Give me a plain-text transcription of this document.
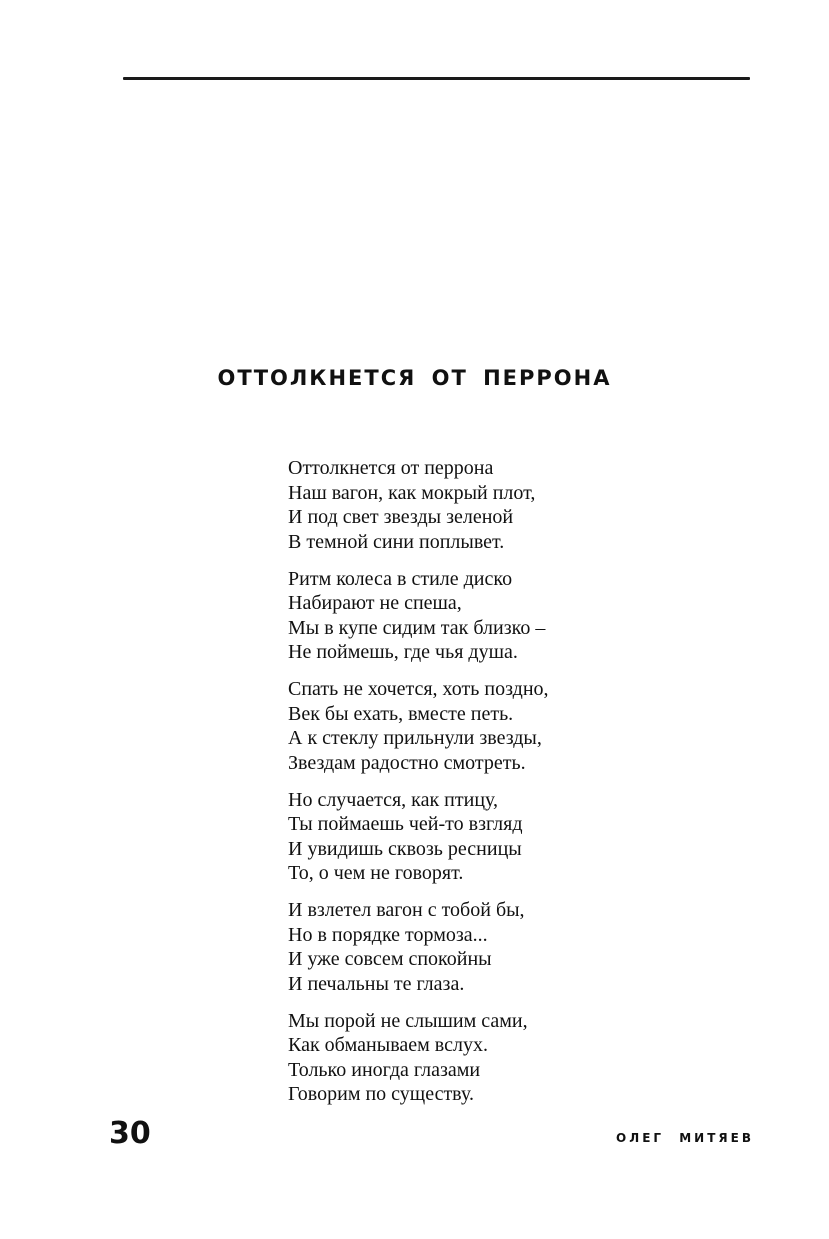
ОТТОЛКНЕТСЯ ОТ ПЕРРОНА
Оттолкнется от перрона
Наш вагон, как мокрый плот,
И под свет звезды зеленой
В темной сини поплывет.
Ритм колеса в стиле диско
Набирают не спеша,
Мы в купе сидим так близко –
Не поймешь, где чья душа.
Спать не хочется, хоть поздно,
Век бы ехать, вместе петь.
А к стеклу прильнули звезды,
Звездам радостно смотреть.
Но случается, как птицу,
Ты поймаешь чей-то взгляд
И увидишь сквозь ресницы
То, о чем не говорят.
И взлетел вагон с тобой бы,
Но в порядке тормоза...
И уже совсем спокойны
И печальны те глаза.
Мы порой не слышим сами,
Как обманываем вслух.
Только иногда глазами
Говорим по существу.
30	ОЛЕГ МИТЯЕВ
